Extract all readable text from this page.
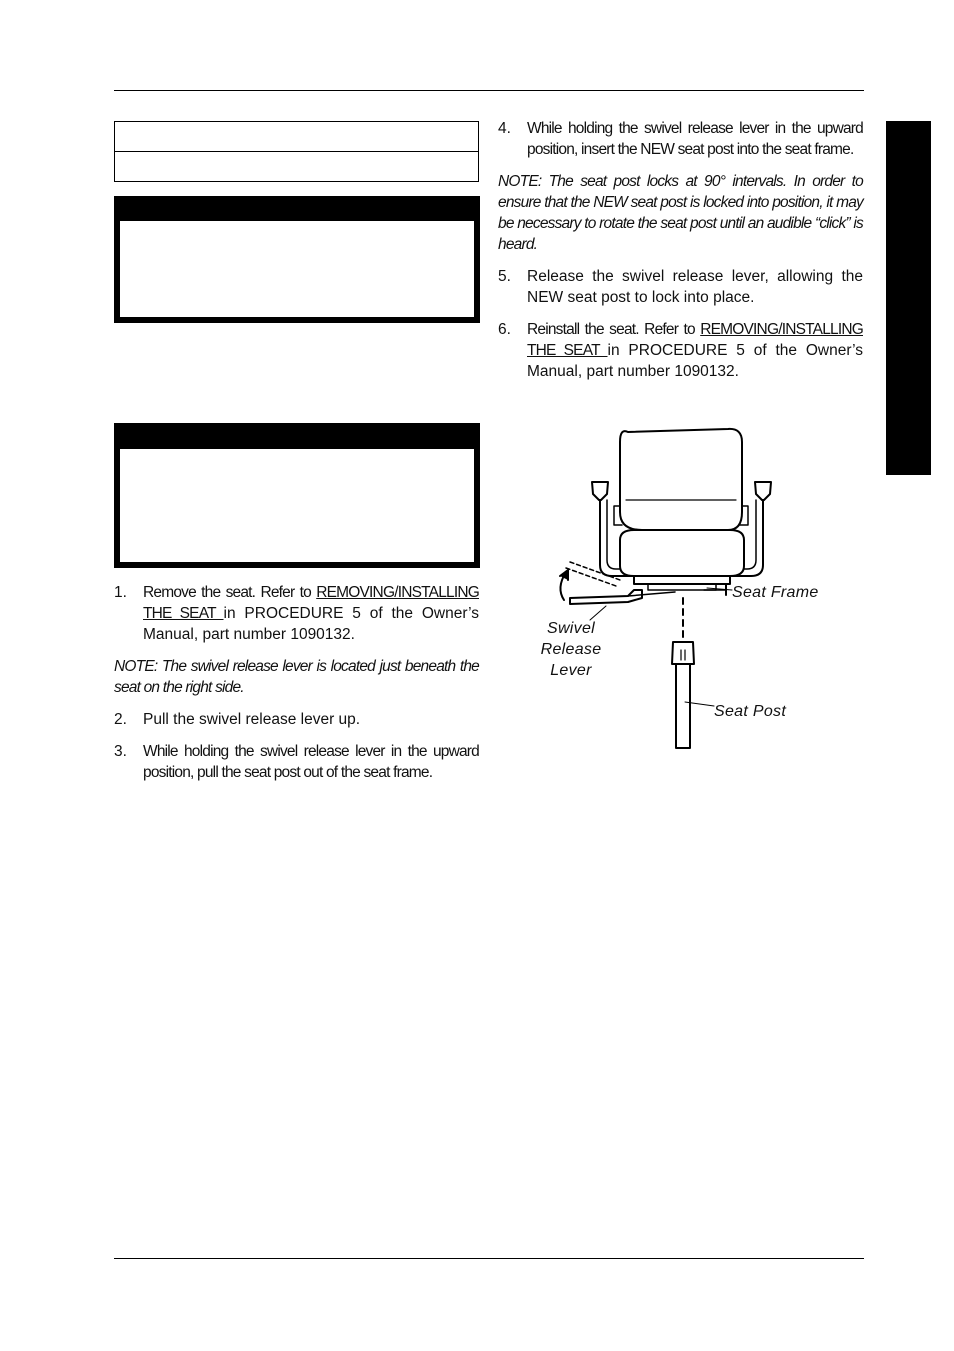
1.	Remove the seat. Refer to REMOVING/INSTALLING THE SEAT in PROCEDURE 5 of the Owner’s Manual, part number 1090132.
NOTE: The swivel release lever is located just beneath the seat on the right side.
2.	Pull the swivel release lever up.
3.	While holding the swivel release lever in the upward position, pull the seat post out of the seat frame.
4.	While holding the swivel release lever in the upward position, insert the NEW seat post into the seat frame.
NOTE: The seat post locks at 90° intervals. In order to ensure that the NEW seat post is locked into position, it may be necessary to rotate the seat post until an audible “click” is heard.
5.	Release the swivel release lever, allowing the NEW seat post to lock into place.
6.	Reinstall the seat. Refer to REMOVING/INSTALLING THE SEAT in PROCEDURE 5 of the Owner’s Manual, part number 1090132.
Seat Frame
Swivel
Release
Lever
Seat Post
